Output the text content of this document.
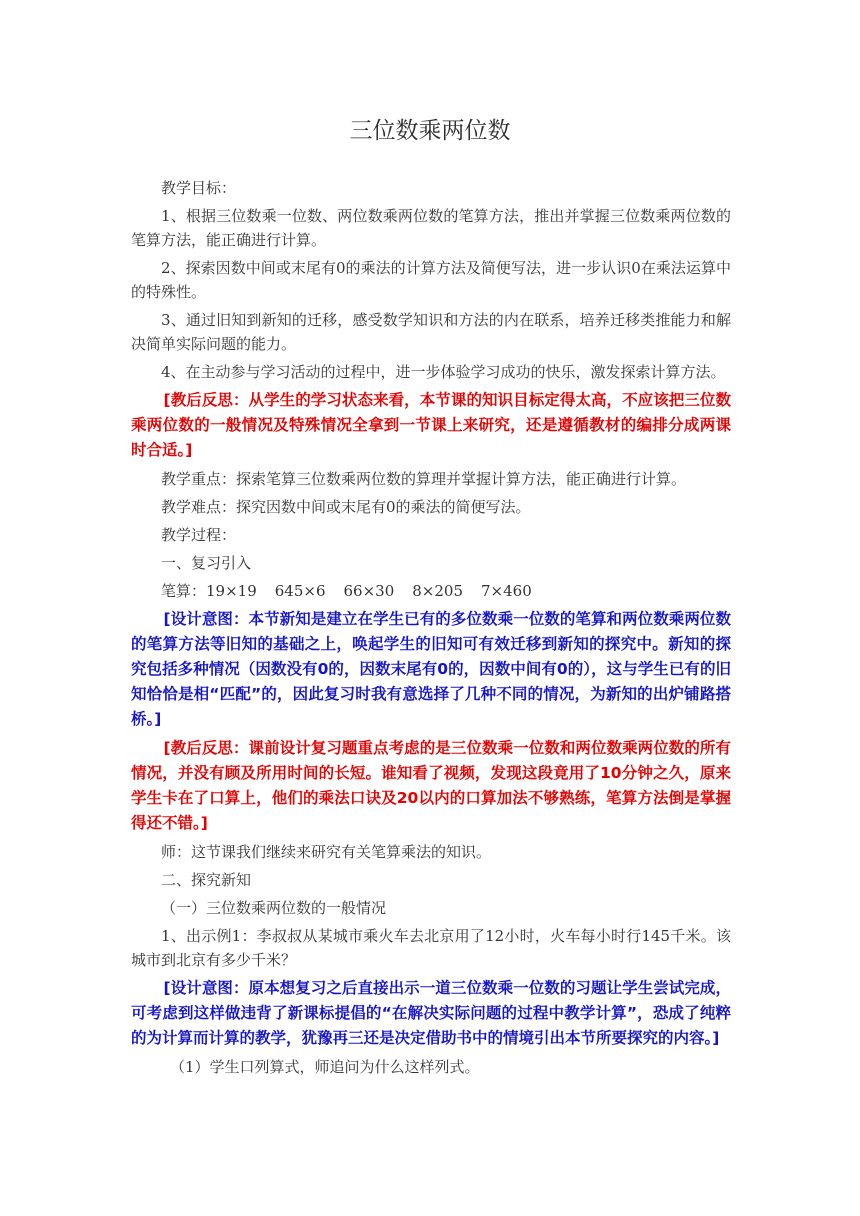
三位数乘两位数

教学目标：

1、根据三位数乘一位数、两位数乘两位数的笔算方法，推出并掌握三位数乘两位数的笔算方法，能正确进行计算。

2、探索因数中间或末尾有0的乘法的计算方法及简便写法，进一步认识0在乘法运算中的特殊性。

3、通过旧知到新知的迁移，感受数学知识和方法的内在联系，培养迁移类推能力和解决简单实际问题的能力。

4、在主动参与学习活动的过程中，进一步体验学习成功的快乐，激发探索计算方法。

[教后反思：从学生的学习状态来看，本节课的知识目标定得太高，不应该把三位数乘两位数的一般情况及特殊情况全拿到一节课上来研究，还是遵循教材的编排分成两课时合适。]

教学重点：探索笔算三位数乘两位数的算理并掌握计算方法，能正确进行计算。

教学难点：探究因数中间或末尾有0的乘法的简便写法。

教学过程：

一、复习引入

笔算：19×19 645×6 66×30 8×205 7×460

[设计意图：本节新知是建立在学生已有的多位数乘一位数的笔算和两位数乘两位数的笔算方法等旧知的基础之上，唤起学生的旧知可有效迁移到新知的探究中。新知的探究包括多种情况（因数没有0的，因数末尾有0的，因数中间有0的），这与学生已有的旧知恰恰是相“匹配”的，因此复习时我有意选择了几种不同的情况，为新知的出炉铺路搭桥。]

[教后反思：课前设计复习题重点考虑的是三位数乘一位数和两位数乘两位数的所有情况，并没有顾及所用时间的长短。谁知看了视频，发现这段竟用了10分钟之久，原来学生卡在了口算上，他们的乘法口诀及20以内的口算加法不够熟练，笔算方法倒是掌握得还不错。]

师：这节课我们继续来研究有关笔算乘法的知识。

二、探究新知

（一）三位数乘两位数的一般情况

1、出示例1：李叔叔从某城市乘火车去北京用了12小时，火车每小时行145千米。该城市到北京有多少千米？

[设计意图：原本想复习之后直接出示一道三位数乘一位数的习题让学生尝试完成，可考虑到这样做违背了新课标提倡的“在解决实际问题的过程中教学计算”，恐成了纯粹的为计算而计算的教学，犹豫再三还是决定借助书中的情境引出本节所要探究的内容。]

（1）学生口列算式，师追问为什么这样列式。
